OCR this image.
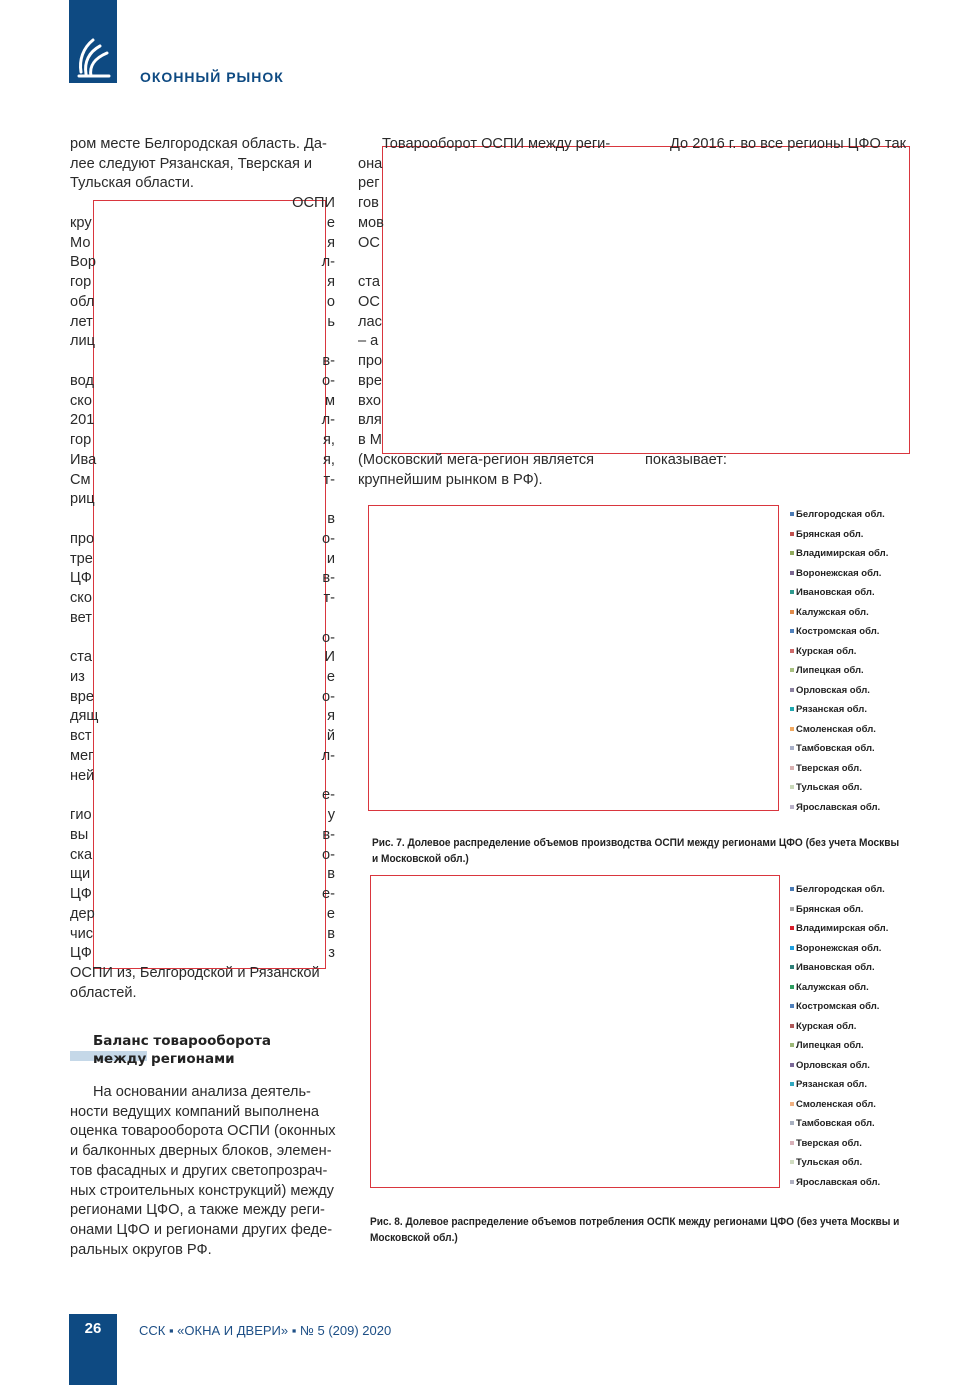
ОКОННЫЙ РЫНОК
ром месте Белгородская область. Да-
лее следуют Рязанская, Тверская и
Тульская области.
ОСПИ
кру	е
Мо	я
Вор	л-
гор	я
обл	о
лет	ь
лиц
в-
вод	о-
ско	м
201	л-
гор	я,
Ива	я,
См	т-
риц
в
про	о-
тре	и
ЦФ	в-
ско	т-
вет
о-
ста	И
из	е
вре	о-
дящ	я
вст	й
мег	л-
ней
е-
гио	у
вы	в-
ска	о-
щи	в
ЦФ	е-
дер	е
чис	в
ЦФ	з
ОСПИ из, Белгородской и Рязанской
областей.
Товарооборот ОСПИ между реги-
она
рег
гов
мов
ОС
ста
ОС
лас
– а
про
вре
вхо
вля
в М
(Московский мега-регион является
крупнейшим рынком в РФ).
До 2016 г. во все регионы ЦФО так
показывает:
Баланс товарооборота
между регионами
На основании анализа деятель-
ности ведущих компаний выполнена
оценка товарооборота ОСПИ (оконных
и балконных дверных блоков, элемен-
тов фасадных и других светопрозрач-
ных строительных конструкций) между
регионами ЦФО, а также между реги-
онами ЦФО и регионами других феде-
ральных округов РФ.
Белгородская обл.
Брянская обл.
Владимирская обл.
Воронежская обл.
Ивановская обл.
Калужская обл.
Костромская обл.
Курская обл.
Липецкая обл.
Орловская обл.
Рязанская обл.
Смоленская обл.
Тамбовская обл.
Тверская обл.
Тульская обл.
Ярославская обл.
Белгородская обл.
Брянская обл.
Владимирская обл.
Воронежская обл.
Ивановская обл.
Калужская обл.
Костромская обл.
Курская обл.
Липецкая обл.
Орловская обл.
Рязанская обл.
Смоленская обл.
Тамбовская обл.
Тверская обл.
Тульская обл.
Ярославская обл.
Рис. 7. Долевое распределение объемов производства ОСПИ между регионами ЦФО (без учета Москвы и Московской обл.)
Рис. 8. Долевое распределение объемов потребления ОСПК между регионами ЦФО (без учета Москвы и Московской обл.)
26	ССК ▪ «ОКНА И ДВЕРИ» ▪ № 5 (209) 2020
